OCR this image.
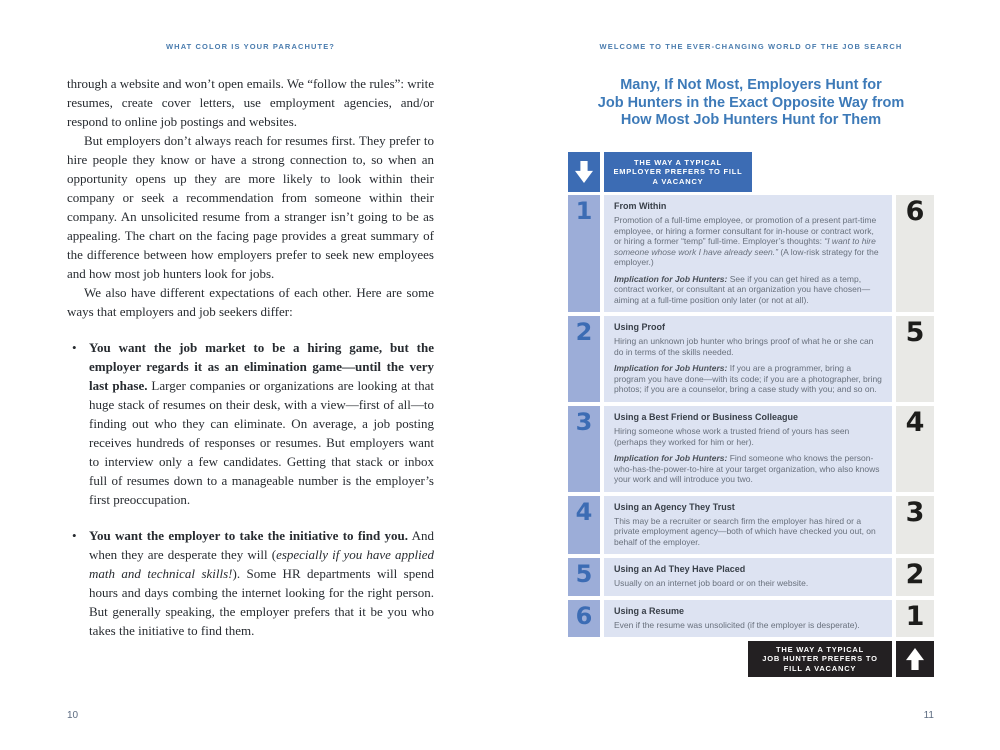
WHAT COLOR IS YOUR PARACHUTE?

through a website and won’t open emails. We “follow the rules”: write resumes, create cover letters, use employment agencies, and/or respond to online job postings and websites.

But employers don’t always reach for resumes first. They prefer to hire people they know or have a strong connection to, so when an opportunity opens up they are more likely to look within their company or seek a recommendation from someone within their company. An unsolicited resume from a stranger isn’t going to be as appealing. The chart on the facing page provides a great summary of the difference between how employers prefer to seek new employees and how most job hunters look for jobs.

We also have different expectations of each other. Here are some ways that employers and job seekers differ:

• You want the job market to be a hiring game, but the employer regards it as an elimination game—until the very last phase. Larger companies or organizations are looking at that huge stack of resumes on their desk, with a view—first of all—to finding out who they can eliminate. On average, a job posting receives hundreds of responses or resumes. But employers want to interview only a few candidates. Getting that stack or inbox full of resumes down to a manageable number is the employer’s first preoccupation.
• You want the employer to take the initiative to find you. And when they are desperate they will (especially if you have applied math and technical skills!). Some HR departments will spend hours and days combing the internet looking for the right person. But generally speaking, the employer prefers that it be you who takes the initiative to find them.
10
WELCOME TO THE EVER-CHANGING WORLD OF THE JOB SEARCH
Many, If Not Most, Employers Hunt for
Job Hunters in the Exact Opposite Way from
How Most Job Hunters Hunt for Them
THE WAY A TYPICAL
EMPLOYER PREFERS TO FILL
A VACANCY
1	From Within

Promotion of a full-time employee, or promotion of a present part-time employee, or hiring a former consultant for in-house or contract work, or hiring a former “temp” full-time. Employer’s thoughts: “I want to hire someone whose work I have already seen.” (A low-risk strategy for the employer.)

Implication for Job Hunters: See if you can get hired as a temp, contract worker, or consultant at an organization you have chosen—aiming at a full-time position only later (or not at all).

6
2	Using Proof

Hiring an unknown job hunter who brings proof of what he or she can do in terms of the skills needed.

Implication for Job Hunters: If you are a programmer, bring a program you have done—with its code; if you are a photographer, bring photos; if you are a counselor, bring a case study with you; and so on.

5
3	Using a Best Friend or Business Colleague

Hiring someone whose work a trusted friend of yours has seen (perhaps they worked for him or her).

Implication for Job Hunters: Find someone who knows the person-who-has-the-power-to-hire at your target organization, who also knows your work and will introduce you two.

4
4	Using an Agency They Trust

This may be a recruiter or search firm the employer has hired or a private employment agency—both of which have checked you out, on behalf of the employer.

3
5	Using an Ad They Have Placed

Usually on an internet job board or on their website.	2
6	Using a Resume

Even if the resume was unsolicited (if the employer is desperate).	1
THE WAY A TYPICAL
JOB HUNTER PREFERS TO
FILL A VACANCY
11
